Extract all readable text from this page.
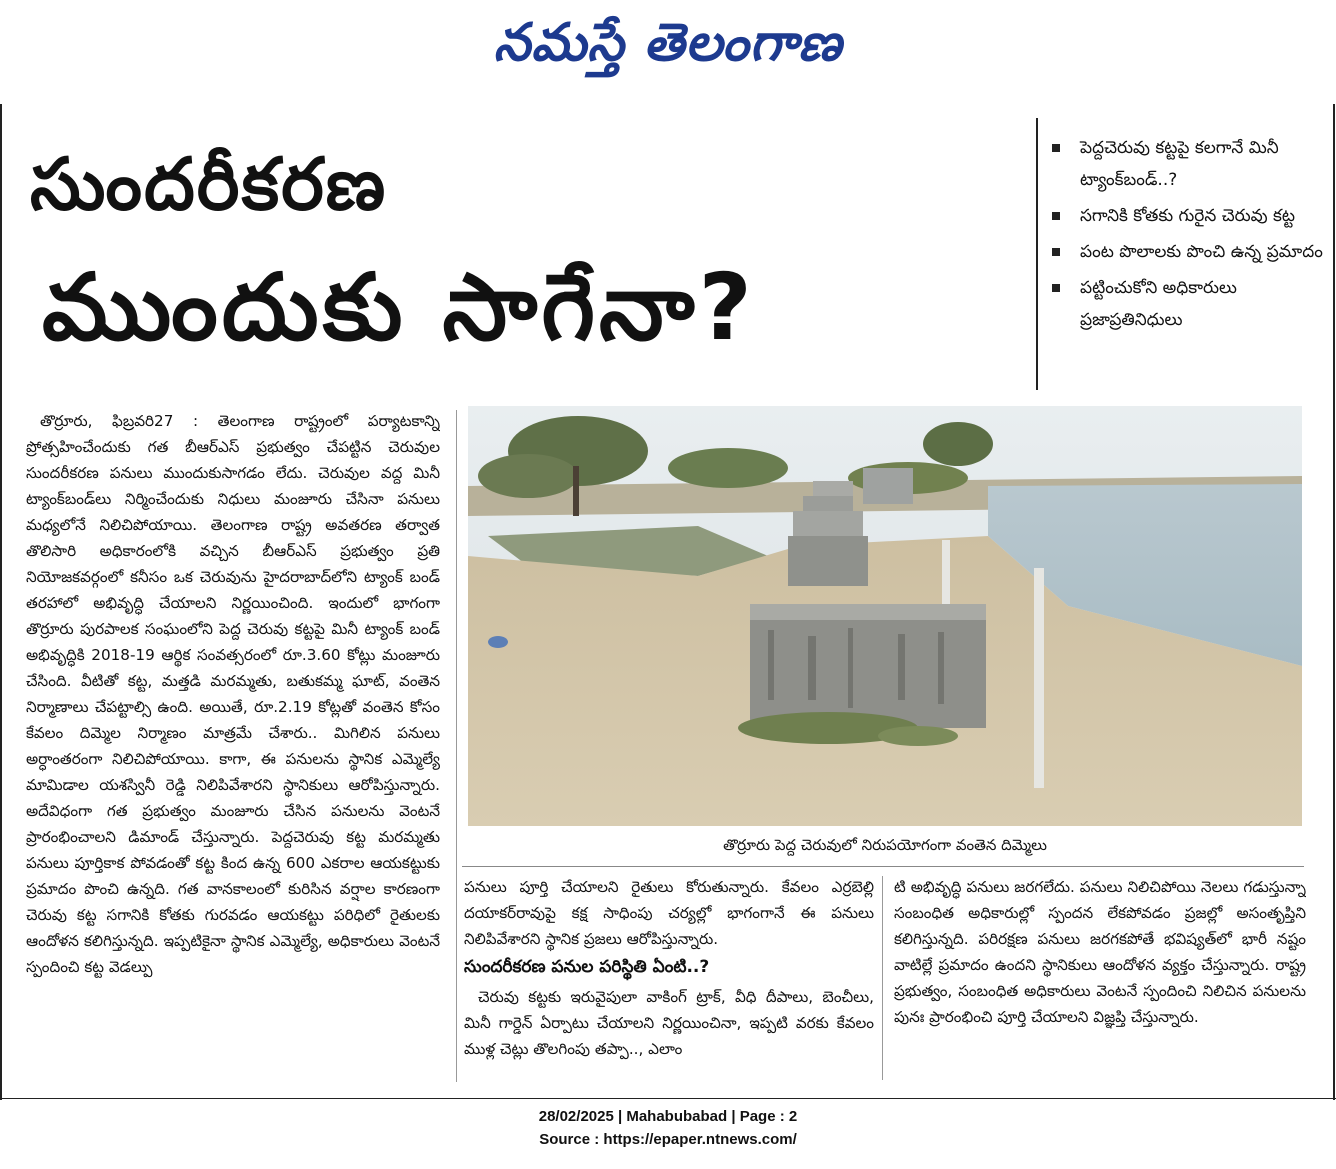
నమస్తే తెలంగాణ
సుందరీకరణ
ముందుకు సాగేనా?
పెద్దచెరువు కట్టపై కలగానే మినీ ట్యాంక్‌బండ్..?
సగానికి కోతకు గురైన చెరువు కట్ట
పంట పొలాలకు పొంచి ఉన్న ప్రమాదం
పట్టించుకోని అధికారులు ప్రజాప్రతినిధులు

తొర్రూరు, ఫిబ్రవరి27 : తెలంగాణ రాష్ట్రంలో పర్యాటకాన్ని ప్రోత్సహించేందుకు గత బీఆర్‌ఎస్‌ ప్రభుత్వం చేపట్టిన చెరువుల సుందరీకరణ పనులు ముందుకుసాగడం లేదు. చెరువుల వద్ద మినీ ట్యాంక్‌బండ్‌లు నిర్మించేందుకు నిధులు మంజూరు చేసినా పనులు మధ్యలోనే నిలిచిపోయాయి. తెలంగాణ రాష్ట్ర అవతరణ తర్వాత తొలిసారి అధికారంలోకి వచ్చిన బీఆర్‌ఎస్‌ ప్రభుత్వం ప్రతి నియోజకవర్గంలో కనీసం ఒక చెరువును హైదరాబాద్‌లోని ట్యాంక్‌ బండ్‌ తరహాలో అభివృద్ధి చేయాలని నిర్ణయించింది. ఇందులో భాగంగా తొర్రూరు పురపాలక సంఘంలోని పెద్ద చెరువు కట్టపై మినీ ట్యాంక్‌ బండ్‌ అభివృద్ధికి 2018-19 ఆర్థిక సంవత్సరంలో రూ.3.60 కోట్లు మంజూరు చేసింది. వీటితో కట్ట, మత్తడి మరమ్మతు, బతుకమ్మ ఘాట్‌, వంతెన నిర్మాణాలు చేపట్టాల్సి ఉంది. అయితే, రూ.2.19 కోట్లతో వంతెన కోసం కేవలం దిమ్మెల నిర్మాణం మాత్రమే చేశారు.. మిగిలిన పనులు అర్ధాంతరంగా నిలిచిపోయాయి. కాగా, ఈ పనులను స్థానిక ఎమ్మెల్యే మామిడాల యశస్వినీ రెడ్డి నిలిపివేశారని స్థానికులు ఆరోపిస్తున్నారు. అదేవిధంగా గత ప్రభుత్వం మంజూరు చేసిన పనులను వెంటనే ప్రారంభించాలని డిమాండ్‌ చేస్తున్నారు. పెద్దచెరువు కట్ట మరమ్మతు పనులు పూర్తికాక పోవడంతో కట్ట కింద ఉన్న 600 ఎకరాల ఆయకట్టుకు ప్రమాదం పొంచి ఉన్నది. గత వానకాలంలో కురిసిన వర్షాల కారణంగా చెరువు కట్ట సగానికి కోతకు గురవడం ఆయకట్టు పరిధిలో రైతులకు ఆందోళన కలిగిస్తున్నది. ఇప్పటికైనా స్థానిక ఎమ్మెల్యే, అధికారులు వెంటనే స్పందించి కట్ట వెడల్పు

తొర్రూరు పెద్ద చెరువులో నిరుపయోగంగా వంతెన దిమ్మెలు

పనులు పూర్తి చేయాలని రైతులు కోరుతున్నారు. కేవలం ఎర్రబెల్లి దయాకర్‌రావుపై కక్ష సాధింపు చర్యల్లో భాగంగానే ఈ పనులు నిలిపివేశారని స్థానిక ప్రజలు ఆరోపిస్తున్నారు.

సుందరీకరణ పనుల పరిస్థితి ఏంటి..?

చెరువు కట్టకు ఇరువైపులా వాకింగ్‌ ట్రాక్‌, వీధి దీపాలు, బెంచీలు, మినీ గార్డెన్‌ ఏర్పాటు చేయాలని నిర్ణయించినా, ఇప్పటి వరకు కేవలం ముళ్ల చెట్లు తొలగింపు తప్పా.., ఎలాం

టి అభివృద్ధి పనులు జరగలేదు. పనులు నిలిచిపోయి నెలలు గడుస్తున్నా సంబంధిత అధికారుల్లో స్పందన లేకపోవడం ప్రజల్లో అసంతృప్తిని కలిగిస్తున్నది. పరిరక్షణ పనులు జరగకపోతే భవిష్యత్‌లో భారీ నష్టం వాటిల్లే ప్రమాదం ఉందని స్థానికులు ఆందోళన వ్యక్తం చేస్తున్నారు. రాష్ట్ర ప్రభుత్వం, సంబంధిత అధికారులు వెంటనే స్పందించి నిలిచిన పనులను పునః ప్రారంభించి పూర్తి చేయాలని విజ్ఞప్తి చేస్తున్నారు.

28/02/2025 | Mahabubabad | Page : 2
Source : https://epaper.ntnews.com/
